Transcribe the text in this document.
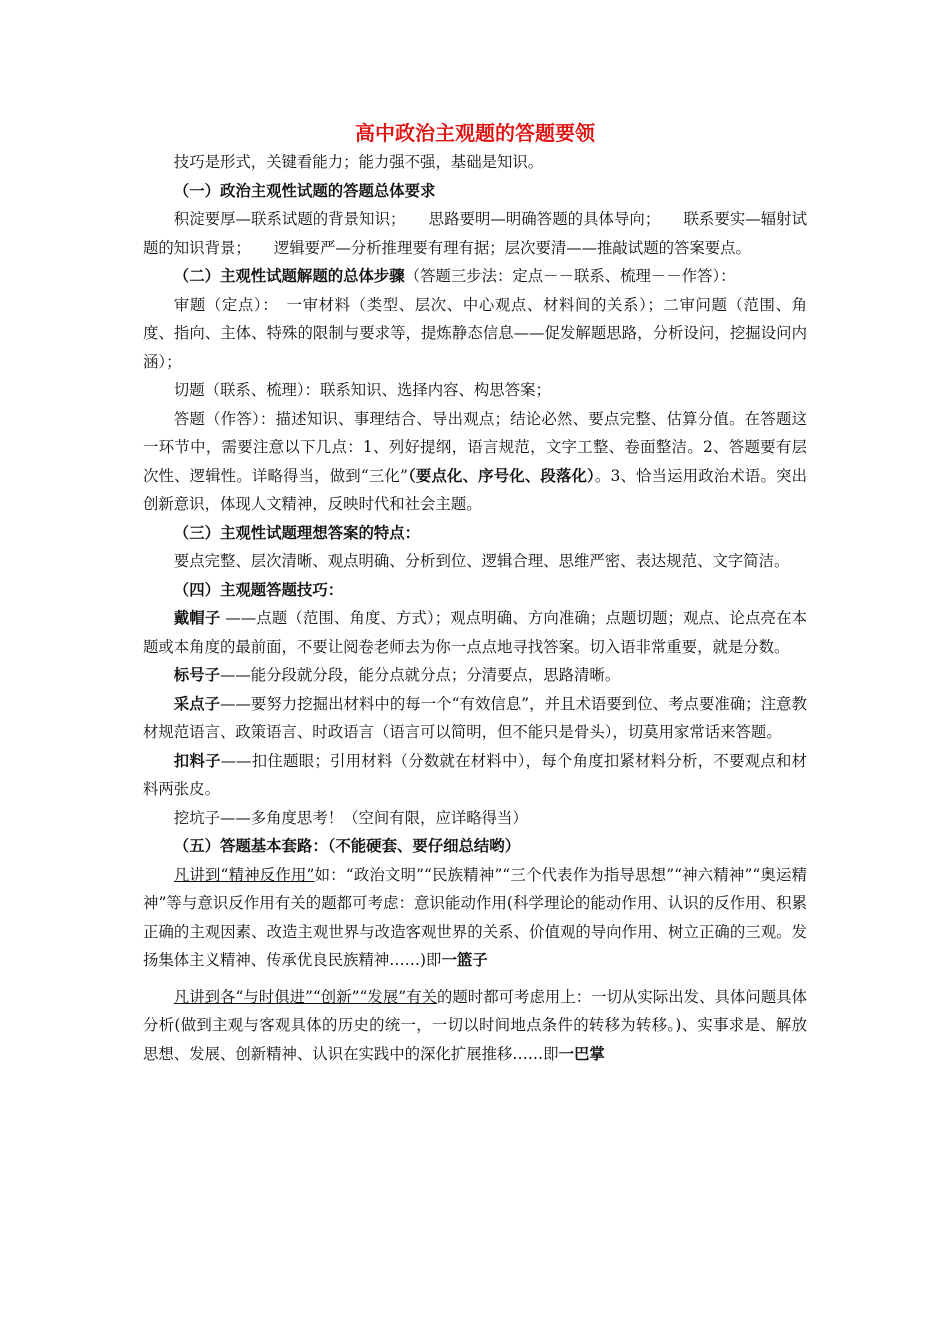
高中政治主观题的答题要领

技巧是形式，关键看能力；能力强不强，基础是知识。

（一）政治主观性试题的答题总体要求

积淀要厚—联系试题的背景知识；　　思路要明—明确答题的具体导向；　　联系要实—辐射试题的知识背景；　　逻辑要严—分析推理要有理有据；层次要清——推敲试题的答案要点。

（二）主观性试题解题的总体步骤（答题三步法：定点－－联系、梳理－－作答）：

审题（定点）：　一审材料（类型、层次、中心观点、材料间的关系）；二审问题（范围、角度、指向、主体、特殊的限制与要求等，提炼静态信息——促发解题思路，分析设问，挖掘设问内涵）；

切题（联系、梳理）：联系知识、选择内容、构思答案；

答题（作答）：描述知识、事理结合、导出观点；结论必然、要点完整、估算分值。在答题这一环节中，需要注意以下几点：1、列好提纲，语言规范，文字工整、卷面整洁。2、答题要有层次性、逻辑性。详略得当，做到“三化”（要点化、序号化、段落化）。3、恰当运用政治术语。突出创新意识，体现人文精神，反映时代和社会主题。

（三）主观性试题理想答案的特点：

要点完整、层次清晰、观点明确、分析到位、逻辑合理、思维严密、表达规范、文字简洁。

（四）主观题答题技巧：

戴帽子 ——点题（范围、角度、方式）；观点明确、方向准确；点题切题；观点、论点亮在本题或本角度的最前面，不要让阅卷老师去为你一点点地寻找答案。切入语非常重要，就是分数。

标号子——能分段就分段，能分点就分点；分清要点，思路清晰。

采点子——要努力挖掘出材料中的每一个“有效信息”，并且术语要到位、考点要准确；注意教材规范语言、政策语言、时政语言（语言可以简明，但不能只是骨头），切莫用家常话来答题。

扣料子——扣住题眼；引用材料（分数就在材料中），每个角度扣紧材料分析，不要观点和材料两张皮。

挖坑子——多角度思考！（空间有限，应详略得当）

（五）答题基本套路：（不能硬套、要仔细总结哟）

凡讲到“精神反作用”如：“政治文明”“民族精神”“三个代表作为指导思想”“神六精神”“奥运精神”等与意识反作用有关的题都可考虑：意识能动作用(科学理论的能动作用、认识的反作用、积累正确的主观因素、改造主观世界与改造客观世界的关系、价值观的导向作用、树立正确的三观。发扬集体主义精神、传承优良民族精神……)即一篮子

凡讲到各“与时俱进”“创新”“发展”有关的题时都可考虑用上：一切从实际出发、具体问题具体分析(做到主观与客观具体的历史的统一，一切以时间地点条件的转移为转移。)、实事求是、解放思想、发展、创新精神、认识在实践中的深化扩展推移……即一巴掌
